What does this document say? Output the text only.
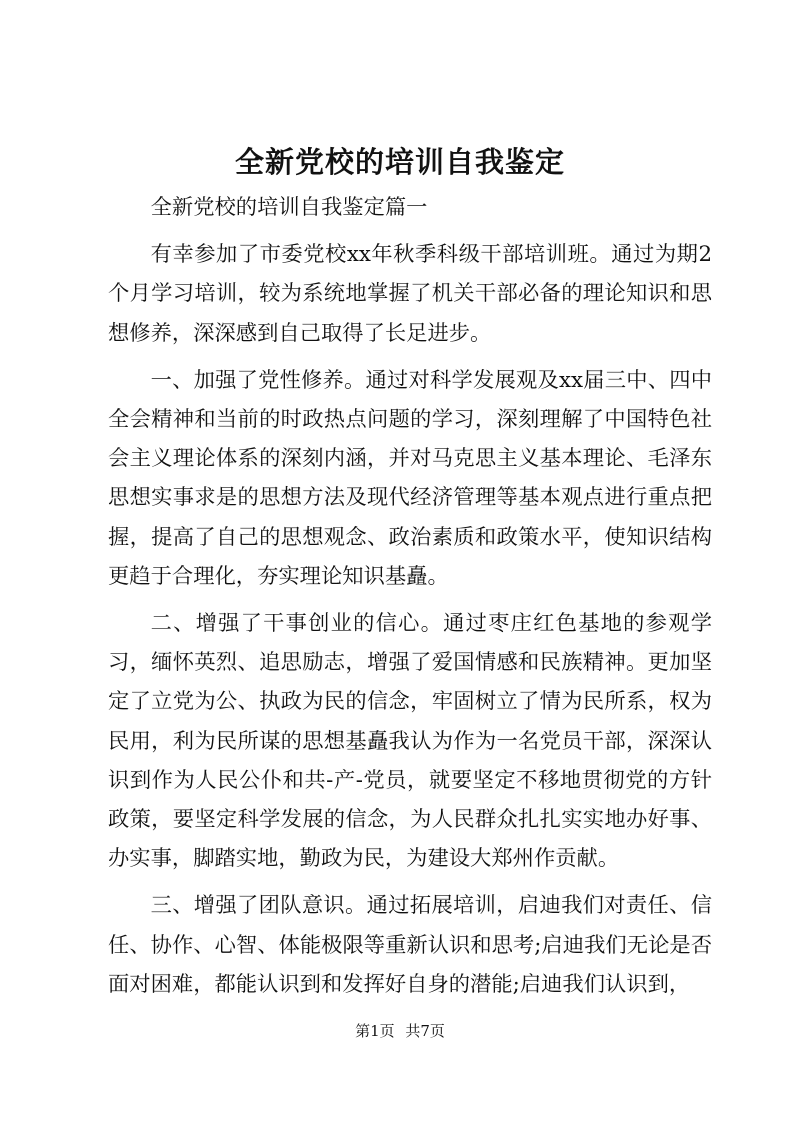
全新党校的培训自我鉴定

全新党校的培训自我鉴定篇一

有幸参加了市委党校xx年秋季科级干部培训班。通过为期2个月学习培训，较为系统地掌握了机关干部必备的理论知识和思想修养，深深感到自己取得了长足进步。

一、加强了党性修养。通过对科学发展观及xx届三中、四中全会精神和当前的时政热点问题的学习，深刻理解了中国特色社会主义理论体系的深刻内涵，并对马克思主义基本理论、毛泽东思想实事求是的思想方法及现代经济管理等基本观点进行重点把握，提高了自己的思想观念、政治素质和政策水平，使知识结构更趋于合理化，夯实理论知识基矗。

二、增强了干事创业的信心。通过枣庄红色基地的参观学习，缅怀英烈、追思励志，增强了爱国情感和民族精神。更加坚定了立党为公、执政为民的信念，牢固树立了情为民所系，权为民用，利为民所谋的思想基矗我认为作为一名党员干部，深深认识到作为人民公仆和共-产-党员，就要坚定不移地贯彻党的方针政策，要坚定科学发展的信念，为人民群众扎扎实实地办好事、办实事，脚踏实地，勤政为民，为建设大郑州作贡献。

三、增强了团队意识。通过拓展培训，启迪我们对责任、信任、协作、心智、体能极限等重新认识和思考;启迪我们无论是否面对困难，都能认识到和发挥好自身的潜能;启迪我们认识到，

第1页 共7页
